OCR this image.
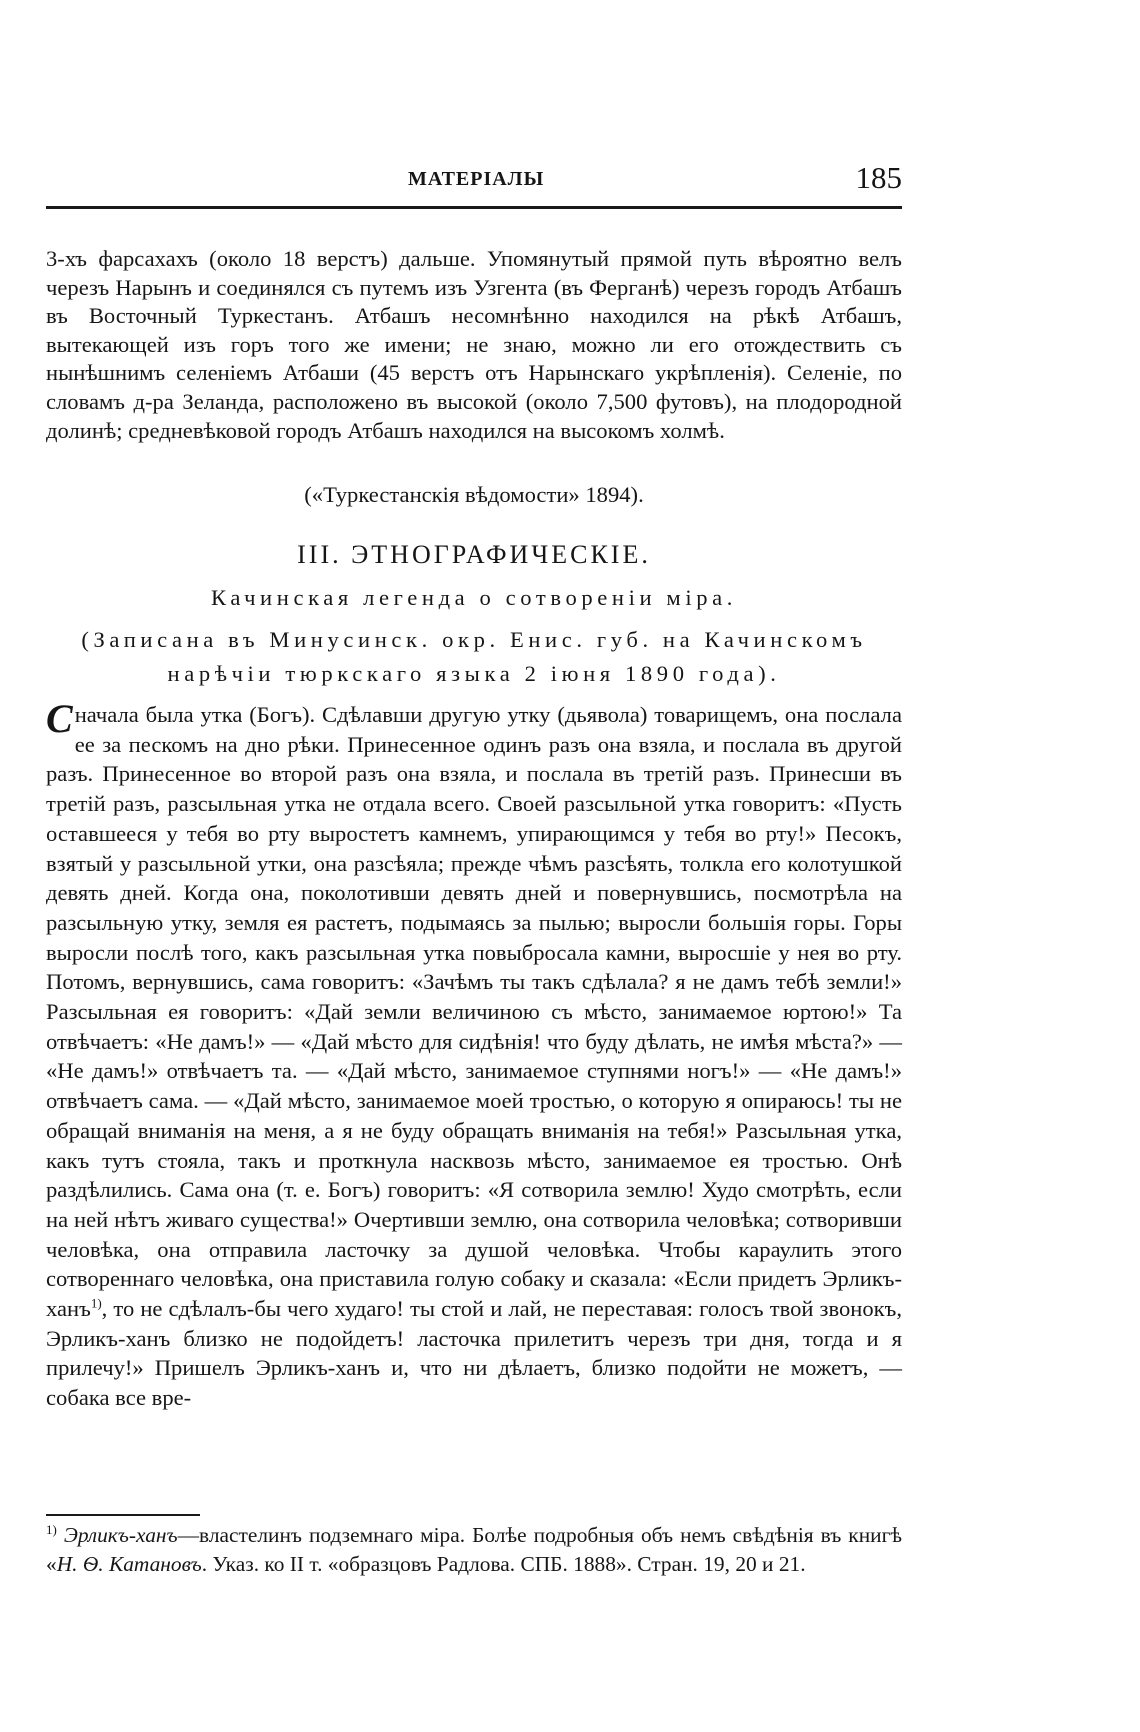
МАТЕРІАЛЫ	185

3-хъ фарсахахъ (около 18 верстъ) дальше. Упомянутый прямой путь вѣроятно велъ черезъ Нарынъ и соединялся съ путемъ изъ Узгента (въ Ферганѣ) черезъ городъ Атбашъ въ Восточный Туркестанъ. Атбашъ несомнѣнно находился на рѣкѣ Атбашъ, вытекающей изъ горъ того же имени; не знаю, можно ли его отождествить съ нынѣшнимъ селеніемъ Атбаши (45 верстъ отъ Нарынскаго укрѣпленія). Селеніе, по словамъ д-ра Зеланда, расположено въ высокой (около 7,500 футовъ), на плодородной долинѣ; средневѣковой городъ Атбашъ находился на высокомъ холмѣ.

(«Туркестанскія вѣдомости» 1894).

III. ЭТНОГРАФИЧЕСКІЕ.

Качинская легенда о сотвореніи міра.

(Записана въ Минусинск. окр. Енис. губ. на Качинскомъ

нарѣчіи тюркскаго языка 2 іюня 1890 года).

Сначала была утка (Богъ). Сдѣлавши другую утку (дьявола) товарищемъ, она послала ее за пескомъ на дно рѣки. Принесенное одинъ разъ она взяла, и послала въ другой разъ. Принесенное во второй разъ она взяла, и послала въ третій разъ. Принесши въ третій разъ, разсыльная утка не отдала всего. Своей разсыльной утка говоритъ: «Пусть оставшееся у тебя во рту выростетъ камнемъ, упирающимся у тебя во рту!» Песокъ, взятый у разсыльной утки, она разсѣяла; прежде чѣмъ разсѣять, толкла его колотушкой девять дней. Когда она, поколотивши девять дней и повернувшись, посмотрѣла на разсыльную утку, земля ея растетъ, подымаясь за пылью; выросли большія горы. Горы выросли послѣ того, какъ разсыльная утка повыбросала камни, выросшіе у нея во рту. Потомъ, вернувшись, сама говоритъ: «Зачѣмъ ты такъ сдѣлала? я не дамъ тебѣ земли!» Разсыльная ея говоритъ: «Дай земли величиною съ мѣсто, занимаемое юртою!» Та отвѣчаетъ: «Не дамъ!» — «Дай мѣсто для сидѣнія! что буду дѣлать, не имѣя мѣста?» — «Не дамъ!» отвѣчаетъ та. — «Дай мѣсто, занимаемое ступнями ногъ!» — «Не дамъ!» отвѣчаетъ сама. — «Дай мѣсто, занимаемое моей тростью, о которую я опираюсь! ты не обращай вниманія на меня, а я не буду обращать вниманія на тебя!» Разсыльная утка, какъ тутъ стояла, такъ и проткнула насквозь мѣсто, занимаемое ея тростью. Онѣ раздѣлились. Сама она (т. е. Богъ) говоритъ: «Я сотворила землю! Худо смотрѣть, если на ней нѣтъ живаго существа!» Очертивши землю, она сотворила человѣка; сотворивши человѣка, она отправила ласточку за душой человѣка. Чтобы караулить этого сотвореннаго человѣка, она приставила голую собаку и сказала: «Если придетъ Эрликъ-ханъ$^{1)}$, то не сдѣлалъ-бы чего худаго! ты стой и лай, не переставая: голосъ твой звонокъ, Эрликъ-ханъ близко не подойдетъ! ласточка прилетитъ черезъ три дня, тогда и я прилечу!» Пришелъ Эрликъ-ханъ и, что ни дѣлаетъ, близко подойти не можетъ, — собака все вре-

$^{1)}$ Эрликъ-ханъ—властелинъ подземнаго міра. Болѣе подробныя объ немъ свѣдѣнія въ книгѣ «Н. Ѳ. Катановъ. Указ. ко II т. «образцовъ Радлова. СПБ. 1888». Стран. 19, 20 и 21.
